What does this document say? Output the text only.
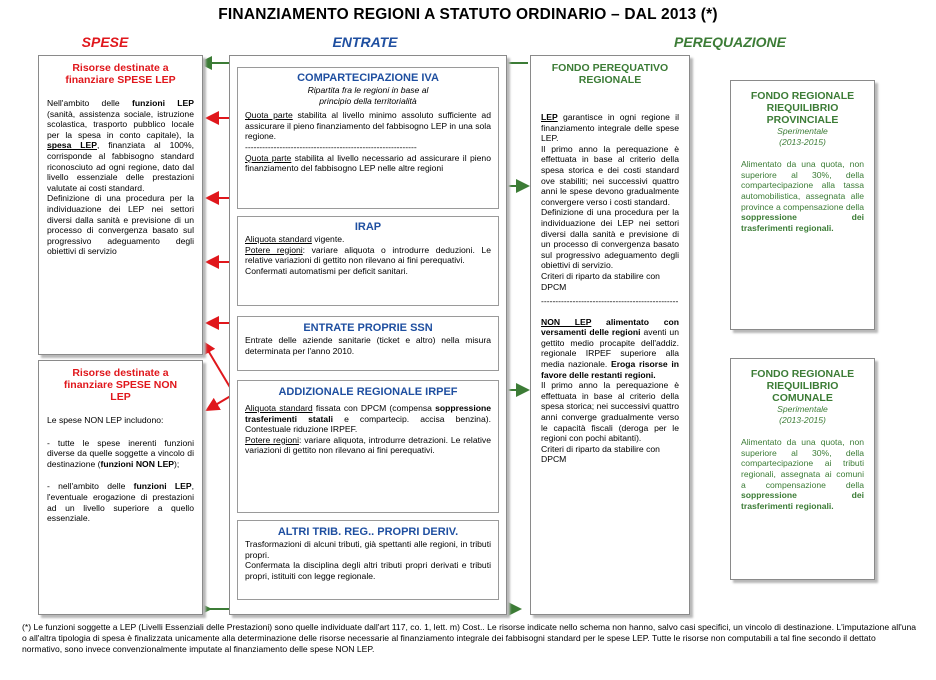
FINANZIAMENTO REGIONI A STATUTO ORDINARIO – DAL 2013 (*)
SPESE	ENTRATE	PEREQUAZIONE
Risorse destinate a finanziare SPESE LEP

Nell'ambito delle funzioni LEP (sanità, assistenza sociale, istruzione scolastica, trasporto pubblico locale per la spesa in conto capitale), la spesa LEP, finanziata al 100%, corrisponde al fabbisogno standard riconosciuto ad ogni regione, dato dal livello essenziale delle prestazioni valutate ai costi standard.

Definizione di una procedura per la individuazione dei LEP nei settori diversi dalla sanità e previsione di un processo di convergenza basato sul progressivo adeguamento degli obiettivi di servizio

Risorse destinate a finanziare SPESE NON LEP

Le spese NON LEP includono:

- tutte le spese inerenti funzioni diverse da quelle soggette a vincolo di destinazione (funzioni NON LEP);

- nell'ambito delle funzioni LEP, l'eventuale erogazione di prestazioni ad un livello superiore a quello essenziale.

COMPARTECIPAZIONE IVA
Ripartita fra le regioni in base al
principio della territorialità

Quota parte stabilita al livello minimo assoluto sufficiente ad assicurare il pieno finanziamento del fabbisogno LEP in una sola regione.

------------------------------------------------------------

Quota parte stabilita al livello necessario ad assicurare il pieno finanziamento del fabbisogno LEP nelle altre regioni

IRAP

Aliquota standard vigente.

Potere regioni: variare aliquota o introdurre deduzioni. Le relative variazioni di gettito non rilevano ai fini perequativi.

Confermati automatismi per deficit sanitari.

ENTRATE PROPRIE SSN

Entrate delle aziende sanitarie (ticket e altro) nella misura determinata per l'anno 2010.

ADDIZIONALE REGIONALE IRPEF

Aliquota standard fissata con DPCM (compensa soppressione trasferimenti statali e compartecip. accisa benzina). Contestuale riduzione IRPEF.

Potere regioni: variare aliquota, introdurre detrazioni. Le relative variazioni di gettito non rilevano ai fini perequativi.

ALTRI TRIB. REG.. PROPRI DERIV.

Trasformazioni di alcuni tributi, già spettanti alle regioni, in tributi propri.

Confermata la disciplina degli altri tributi propri derivati e tributi propri, istituiti con legge regionale.

FONDO PEREQUATIVO REGIONALE

LEP garantisce in ogni regione il finanziamento integrale delle spese LEP.

Il primo anno la perequazione è effettuata in base al criterio della spesa storica e dei costi standard ove stabiliti; nei successivi quattro anni le spese devono gradualmente convergere verso i costi standard.

Definizione di una procedura per la individuazione dei LEP nei settori diversi dalla sanità e previsione di un processo di convergenza basato sul progressivo adeguamento degli obiettivi di servizio.

Criteri di riparto da stabilire con DPCM

------------------------------------------------

NON LEP alimentato con versamenti delle regioni aventi un gettito medio procapite dell'addiz. regionale IRPEF superiore alla media nazionale. Eroga risorse in favore delle restanti regioni.

Il primo anno la perequazione è effettuata in base al criterio della spesa storica; nei successivi quattro anni converge gradualmente verso le capacità fiscali (deroga per le regioni con pochi abitanti).

Criteri di riparto da stabilire con DPCM

FONDO REGIONALE RIEQUILIBRIO PROVINCIALE
Sperimentale
(2013-2015)

Alimentato da una quota, non superiore al 30%, della compartecipazione alla tassa automobilistica, assegnata alle province a compensazione della soppressione dei trasferimenti regionali.

FONDO REGIONALE RIEQUILIBRIO COMUNALE
Sperimentale
(2013-2015)

Alimentato da una quota, non superiore al 30%, della compartecipazione ai tributi regionali, assegnata ai comuni a compensazione della soppressione dei trasferimenti regionali.

(*) Le funzioni soggette a LEP (Livelli Essenziali delle Prestazioni) sono quelle individuate dall'art 117, co. 1, lett. m) Cost.. Le risorse indicate nello schema non hanno, salvo casi specifici, un vincolo di destinazione. L'imputazione all'una o all'altra tipologia di spesa è finalizzata unicamente alla determinazione delle risorse necessarie al finanziamento integrale dei fabbisogni standard per le spese LEP. Tutte le risorse non computabili a tal fine secondo il dettato normativo, sono invece convenzionalmente imputate al finanziamento delle spese NON LEP.
